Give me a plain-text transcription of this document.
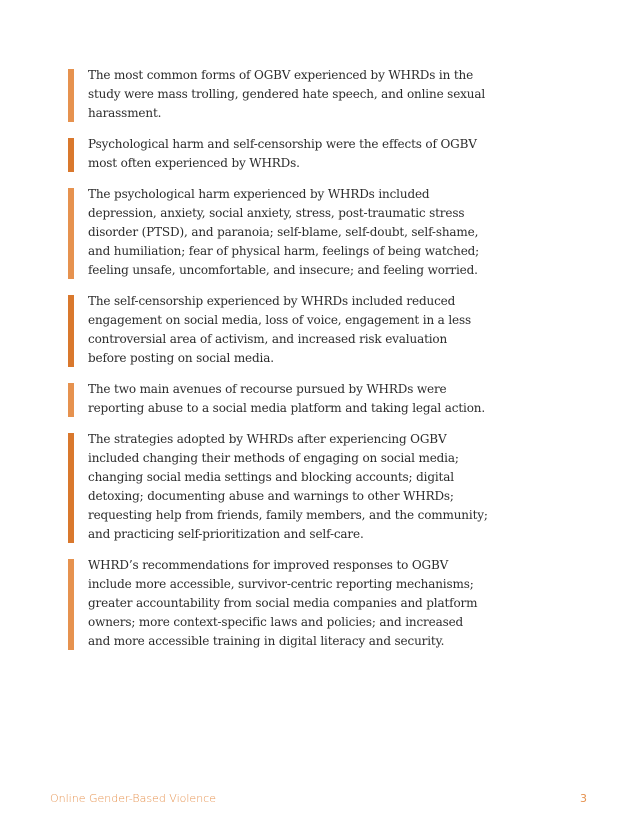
The most common forms of OGBV experienced by WHRDs in the study were mass trolling, gendered hate speech, and online sexual harassment.

Psychological harm and self-censorship were the effects of OGBV most often experienced by WHRDs.

The psychological harm experienced by WHRDs included depression, anxiety, social anxiety, stress, post-traumatic stress disorder (PTSD), and paranoia; self-blame, self-doubt, self-shame, and humiliation; fear of physical harm, feelings of being watched; feeling unsafe, uncomfortable, and insecure; and feeling worried.

The self-censorship experienced by WHRDs included reduced engagement on social media, loss of voice, engagement in a less controversial area of activism, and increased risk evaluation before posting on social media.

The two main avenues of recourse pursued by WHRDs were reporting abuse to a social media platform and taking legal action.

The strategies adopted by WHRDs after experiencing OGBV included changing their methods of engaging on social media; changing social media settings and blocking accounts; digital detoxing; documenting abuse and warnings to other WHRDs; requesting help from friends, family members, and the community; and practicing self-prioritization and self-care.

WHRD’s recommendations for improved responses to OGBV include more accessible, survivor-centric reporting mechanisms; greater accountability from social media companies and platform owners; more context-specific laws and policies; and increased and more accessible training in digital literacy and security.

Online Gender-Based Violence	3
